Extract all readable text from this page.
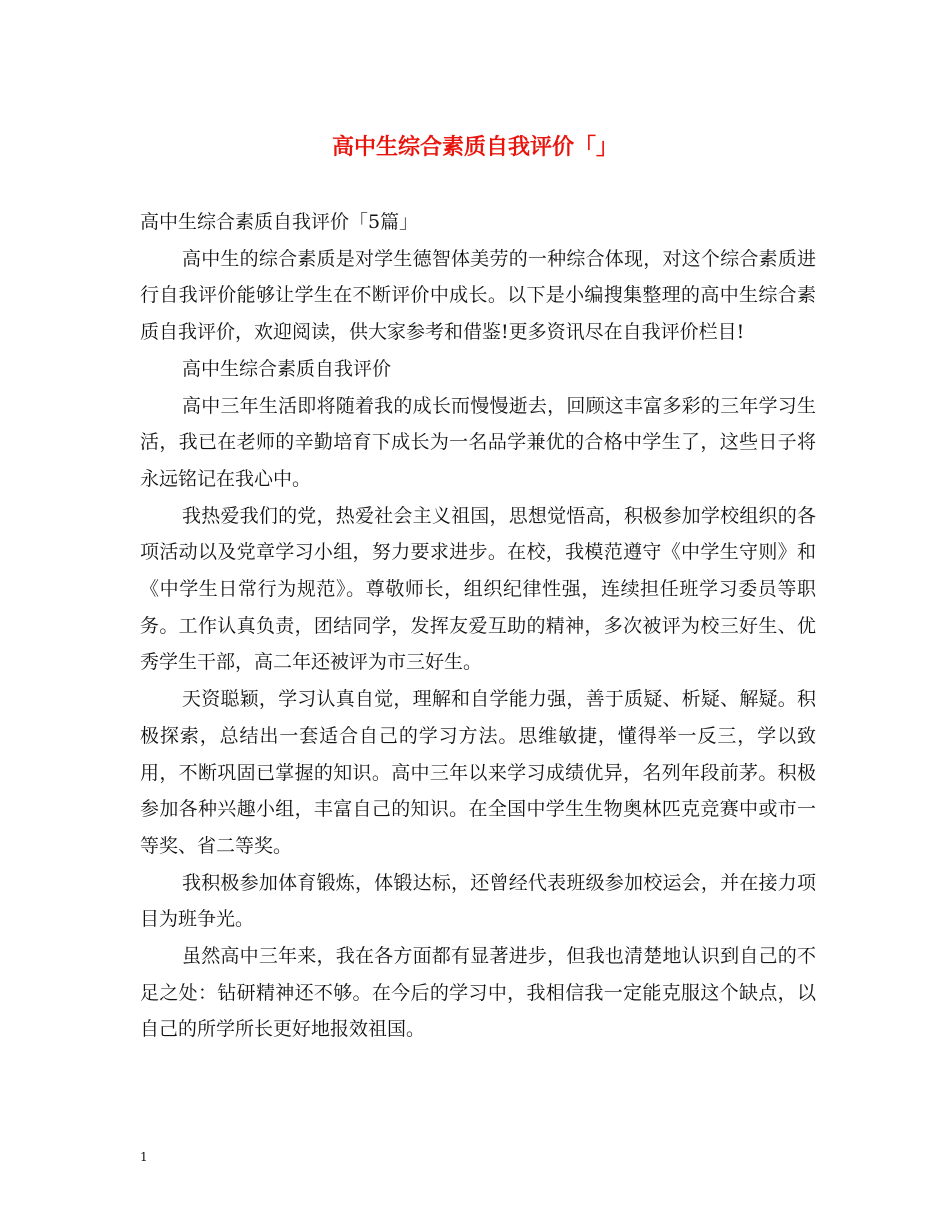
高中生综合素质自我评价「」

高中生综合素质自我评价「5篇」

高中生的综合素质是对学生德智体美劳的一种综合体现，对这个综合素质进行自我评价能够让学生在不断评价中成长。以下是小编搜集整理的高中生综合素质自我评价，欢迎阅读，供大家参考和借鉴!更多资讯尽在自我评价栏目!

高中生综合素质自我评价

高中三年生活即将随着我的成长而慢慢逝去，回顾这丰富多彩的三年学习生活，我已在老师的辛勤培育下成长为一名品学兼优的合格中学生了，这些日子将永远铭记在我心中。

我热爱我们的党，热爱社会主义祖国，思想觉悟高，积极参加学校组织的各项活动以及党章学习小组，努力要求进步。在校，我模范遵守《中学生守则》和《中学生日常行为规范》。尊敬师长，组织纪律性强，连续担任班学习委员等职务。工作认真负责，团结同学，发挥友爱互助的精神，多次被评为校三好生、优秀学生干部，高二年还被评为市三好生。

天资聪颖，学习认真自觉，理解和自学能力强，善于质疑、析疑、解疑。积极探索，总结出一套适合自己的学习方法。思维敏捷，懂得举一反三，学以致用，不断巩固已掌握的知识。高中三年以来学习成绩优异，名列年段前茅。积极参加各种兴趣小组，丰富自己的知识。在全国中学生生物奥林匹克竞赛中或市一等奖、省二等奖。

我积极参加体育锻炼，体锻达标，还曾经代表班级参加校运会，并在接力项目为班争光。

虽然高中三年来，我在各方面都有显著进步，但我也清楚地认识到自己的不足之处：钻研精神还不够。在今后的学习中，我相信我一定能克服这个缺点，以自己的所学所长更好地报效祖国。

1
